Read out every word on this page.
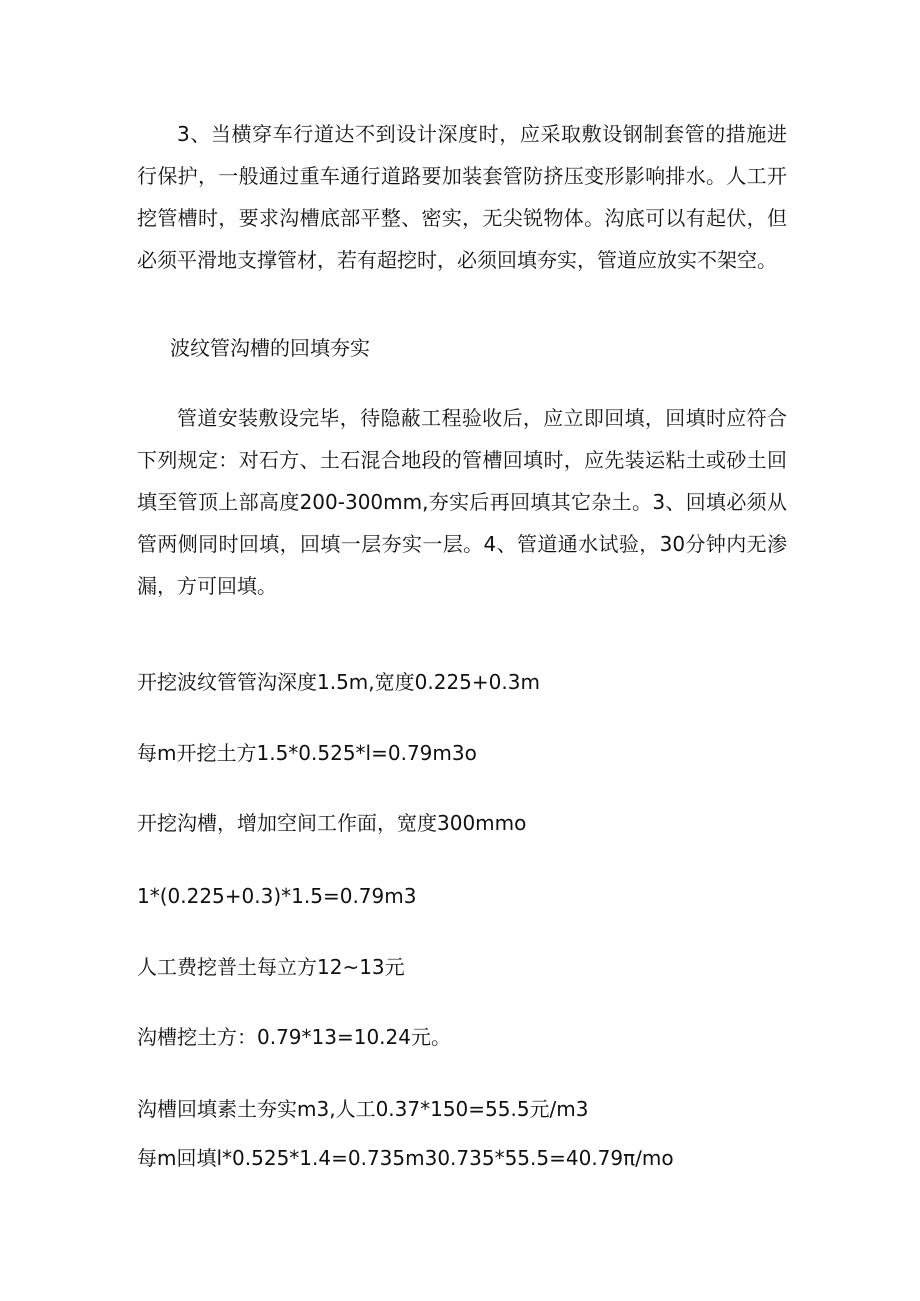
3、当横穿车行道达不到设计深度时，应采取敷设钢制套管的措施进行保护，一般通过重车通行道路要加装套管防挤压变形影响排水。人工开挖管槽时，要求沟槽底部平整、密实，无尖锐物体。沟底可以有起伏，但必须平滑地支撑管材，若有超挖时，必须回填夯实，管道应放实不架空。

波纹管沟槽的回填夯实

管道安装敷设完毕，待隐蔽工程验收后，应立即回填，回填时应符合下列规定：对石方、土石混合地段的管槽回填时，应先装运粘土或砂土回填至管顶上部高度200-300mm,夯实后再回填其它杂土。3、回填必须从管两侧同时回填，回填一层夯实一层。4、管道通水试验，30分钟内无渗漏，方可回填。

开挖波纹管管沟深度1.5m,宽度0.225+0.3m

每m开挖土方1.5*0.525*l=0.79m3o

开挖沟槽，增加空间工作面，宽度300mmo

1*(0.225+0.3)*1.5=0.79m3

人工费挖普土每立方12~13元

沟槽挖土方：0.79*13=10.24元。

沟槽回填素土夯实m3,人工0.37*150=55.5元/m3

每m回填l*0.525*1.4=0.735m30.735*55.5=40.79π∕mo
